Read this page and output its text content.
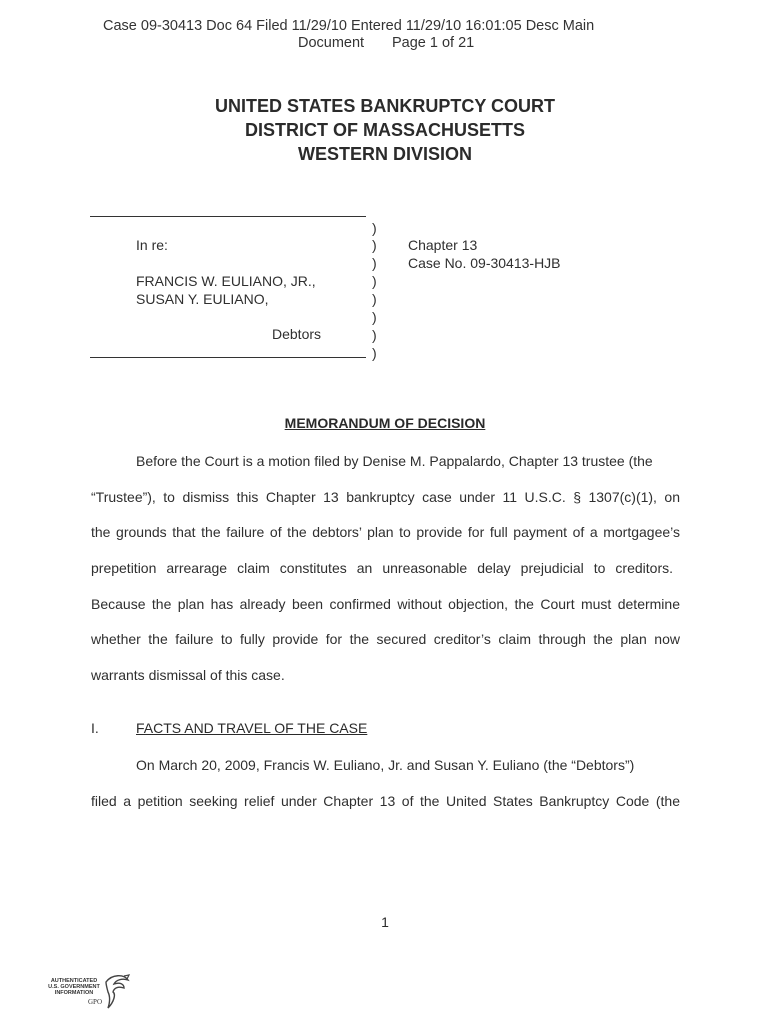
Case 09-30413 Doc 64 Filed 11/29/10 Entered 11/29/10 16:01:05 Desc Main
Document Page 1 of 21
UNITED STATES BANKRUPTCY COURT
DISTRICT OF MASSACHUSETTS
WESTERN DIVISION
)
)
)
)
)
)
)
)
In re:
FRANCIS W. EULIANO, JR.,
SUSAN Y. EULIANO,
Debtors
Chapter 13
Case No. 09-30413-HJB
MEMORANDUM OF DECISION
Before the Court is a motion filed by Denise M. Pappalardo, Chapter 13 trustee (the
“Trustee”), to dismiss this Chapter 13 bankruptcy case under 11 U.S.C. § 1307(c)(1), on
the grounds that the failure of the debtors’ plan to provide for full payment of a mortgagee’s
prepetition arrearage claim constitutes an unreasonable delay prejudicial to creditors.
Because the plan has already been confirmed without objection, the Court must determine
whether the failure to fully provide for the secured creditor’s claim through the plan now
warrants dismissal of this case.
I.	FACTS AND TRAVEL OF THE CASE
On March 20, 2009, Francis W. Euliano, Jr. and Susan Y. Euliano (the “Debtors”)
filed a petition seeking relief under Chapter 13 of the United States Bankruptcy Code (the
1
AUTHENTICATED
U.S. GOVERNMENT
INFORMATION
GPO
